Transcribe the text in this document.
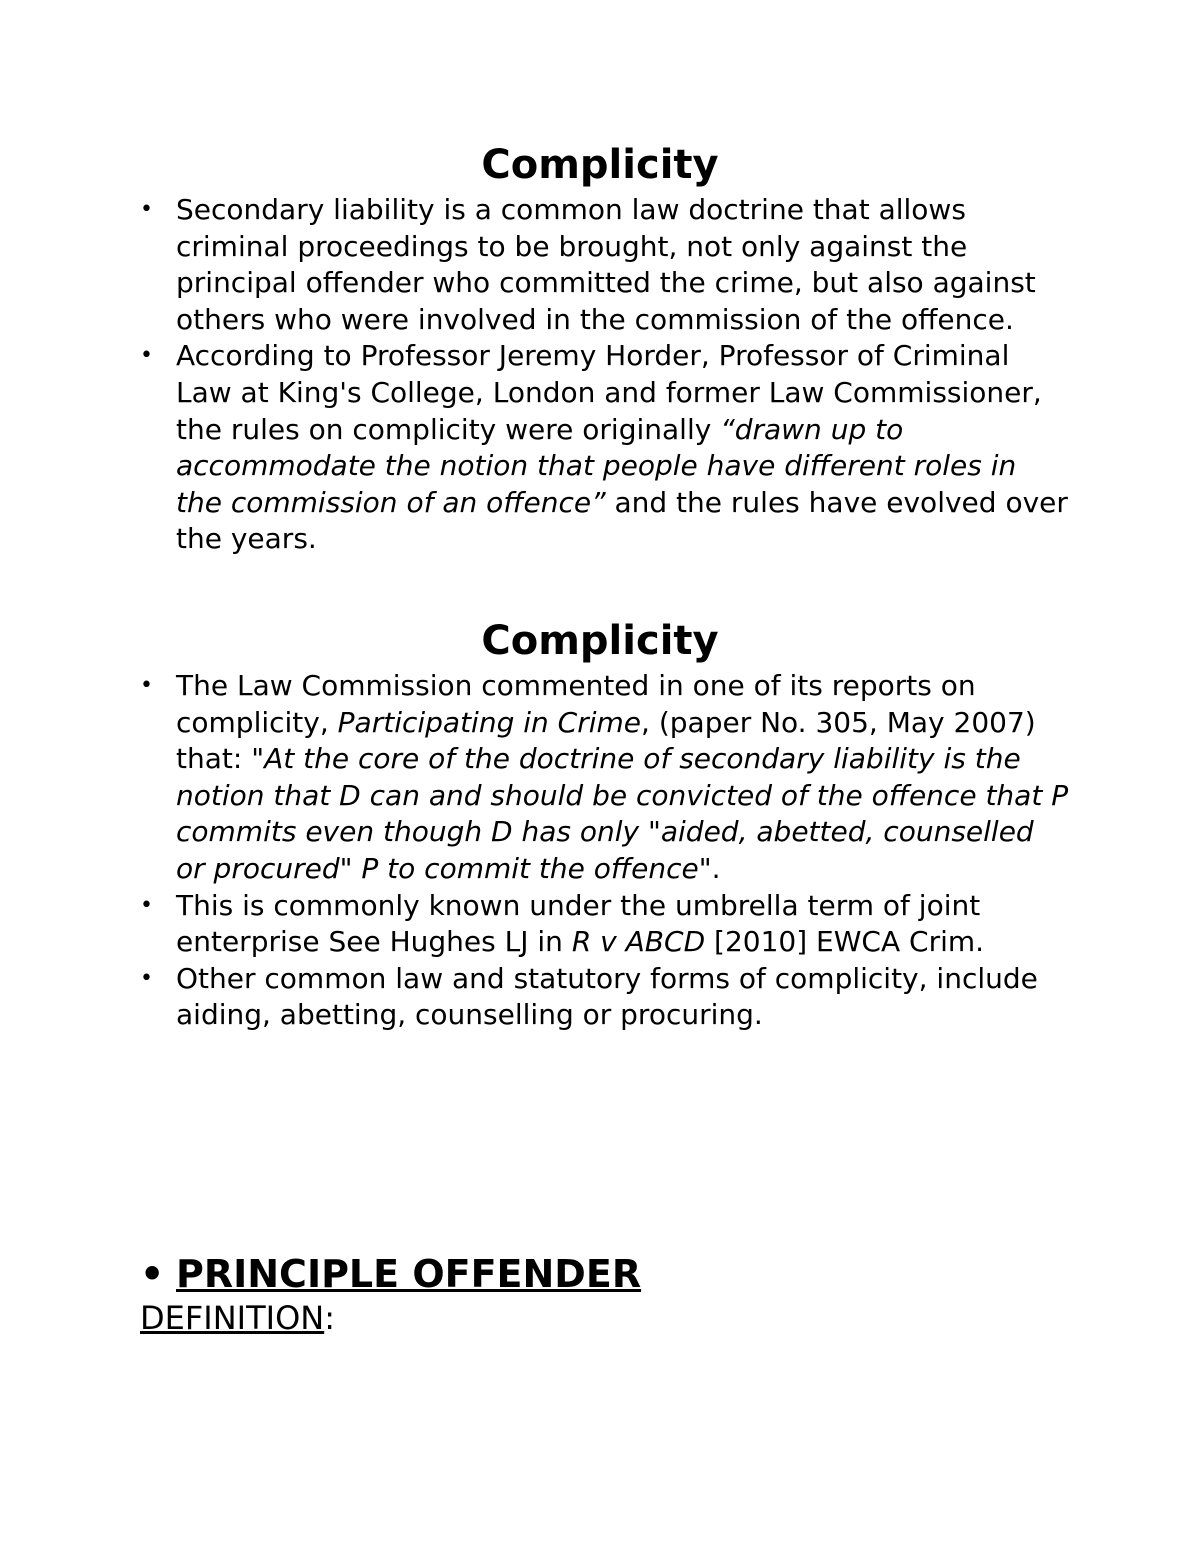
Complicity
• Secondary liability is a common law doctrine that allows criminal proceedings to be brought, not only against the principal offender who committed the crime, but also against others who were involved in the commission of the offence.
• According to Professor Jeremy Horder, Professor of Criminal Law at King's College, London and former Law Commissioner, the rules on complicity were originally “drawn up to accommodate the notion that people have different roles in the commission of an offence” and the rules have evolved over the years.
Complicity
• The Law Commission commented in one of its reports on complicity, Participating in Crime, (paper No. 305, May 2007) that: "At the core of the doctrine of secondary liability is the notion that D can and should be convicted of the offence that P commits even though D has only "aided, abetted, counselled or procured" P to commit the offence".
• This is commonly known under the umbrella term of joint enterprise See Hughes LJ in R v ABCD [2010] EWCA Crim.
• Other common law and statutory forms of complicity, include aiding, abetting, counselling or procuring.
• PRINCIPLE OFFENDER
DEFINITION:
